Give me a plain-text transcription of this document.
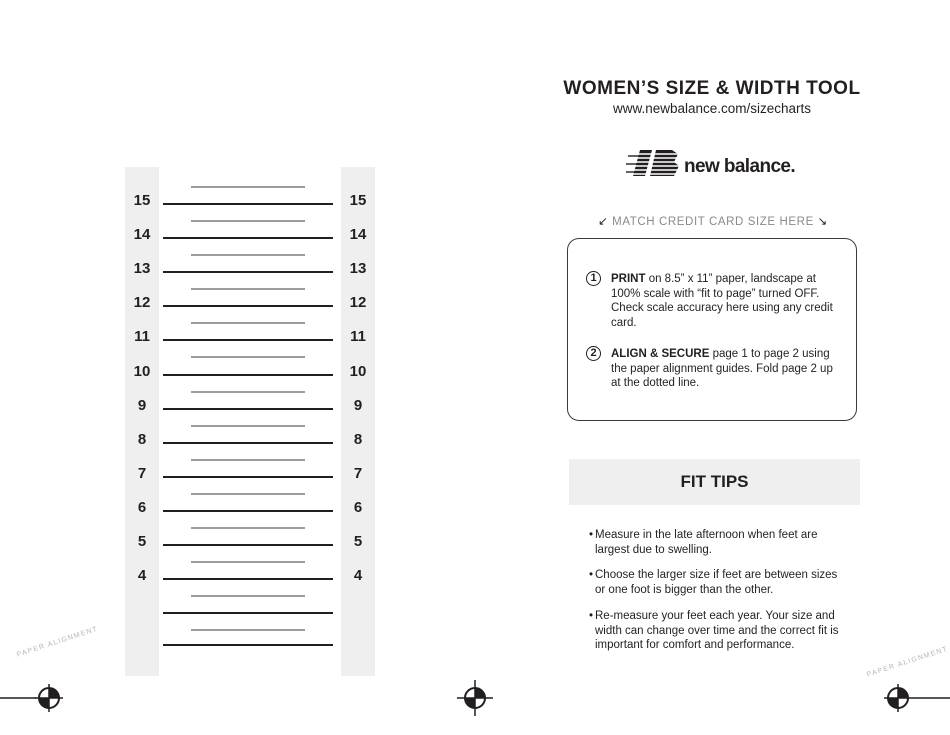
15	15
14	14
13	13
12	12
11	11
10	10
9	9
8	8
7	7
6	6
5	5
4	4
WOMEN’S SIZE & WIDTH TOOL
www.newbalance.com/sizecharts
new balance.
↙ MATCH CREDIT CARD SIZE HERE ↘
1	PRINT on 8.5” x 11” paper, landscape at 100% scale with “fit to page” turned OFF. Check scale accuracy here using any credit card.
2	ALIGN & SECURE page 1 to page 2 using the paper alignment guides. Fold page 2 up at the dotted line.
FIT TIPS
• Measure in the late afternoon when feet are largest due to swelling.
• Choose the larger size if feet are between sizes or one foot is bigger than the other.
• Re-measure your feet each year. Your size and width can change over time and the correct fit is important for comfort and performance.
PAPER ALIGNMENT
PAPER ALIGNMENT
